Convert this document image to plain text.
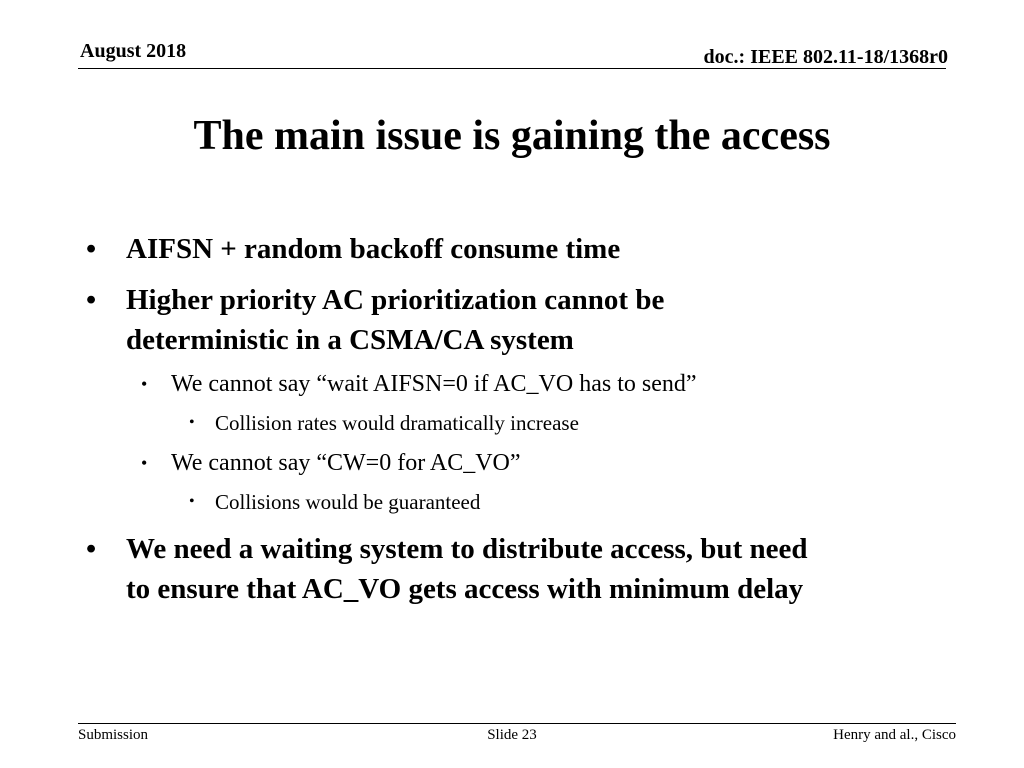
August 2018	doc.: IEEE 802.11-18/1368r0
The main issue is gaining the access
• AIFSN + random backoff consume time
• Higher priority AC prioritization cannot be
deterministic in a CSMA/CA system
• We cannot say “wait AIFSN=0 if AC_VO has to send”
• Collision rates would dramatically increase
• We cannot say “CW=0 for AC_VO”
• Collisions would be guaranteed
• We need a waiting system to distribute access, but need
to ensure that AC_VO gets access with minimum delay
Submission	Slide 23	Henry and al., Cisco
